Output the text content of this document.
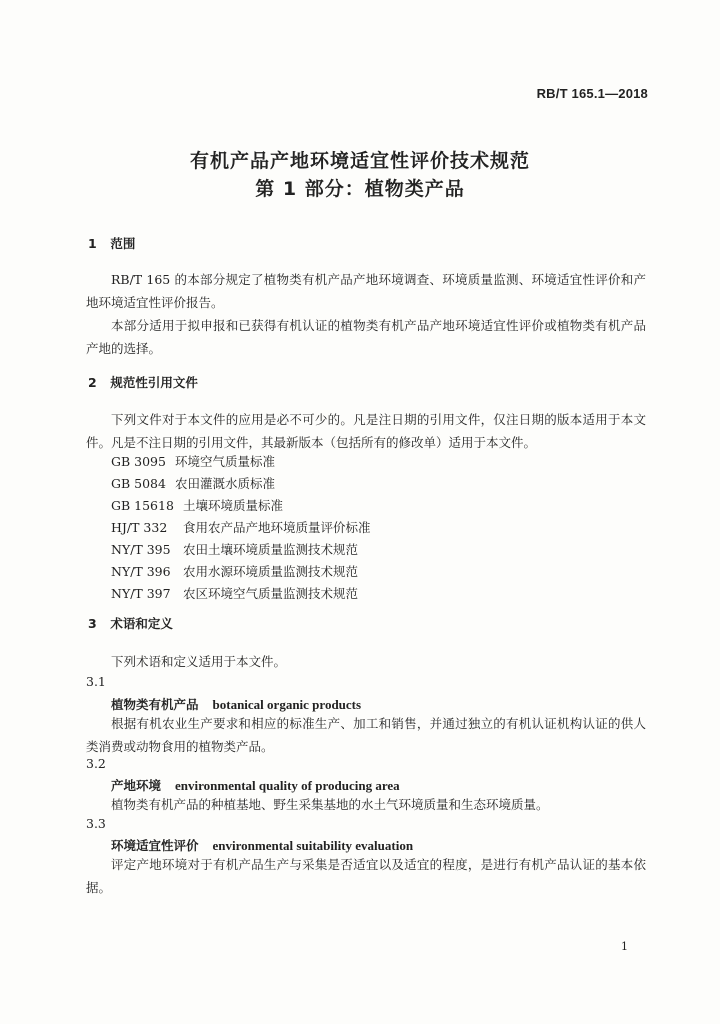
RB/T 165.1—2018
有机产品产地环境适宜性评价技术规范
第 1 部分：植物类产品
1 范围

RB/T 165 的本部分规定了植物类有机产品产地环境调查、环境质量监测、环境适宜性评价和产地环境适宜性评价报告。

本部分适用于拟申报和已获得有机认证的植物类有机产品产地环境适宜性评价或植物类有机产品产地的选择。

2 规范性引用文件

下列文件对于本文件的应用是必不可少的。凡是注日期的引用文件，仅注日期的版本适用于本文件。凡是不注日期的引用文件，其最新版本（包括所有的修改单）适用于本文件。

GB 3095 环境空气质量标准
GB 5084 农田灌溉水质标准
GB 15618 土壤环境质量标准
HJ/T 332 食用农产品产地环境质量评价标准
NY/T 395 农田土壤环境质量监测技术规范
NY/T 396 农用水源环境质量监测技术规范
NY/T 397 农区环境空气质量监测技术规范
3 术语和定义

下列术语和定义适用于本文件。

3.1
植物类有机产品 botanical organic products

根据有机农业生产要求和相应的标准生产、加工和销售，并通过独立的有机认证机构认证的供人类消费或动物食用的植物类产品。

3.2
产地环境 environmental quality of producing area

植物类有机产品的种植基地、野生采集基地的水土气环境质量和生态环境质量。

3.3
环境适宜性评价 environmental suitability evaluation

评定产地环境对于有机产品生产与采集是否适宜以及适宜的程度，是进行有机产品认证的基本依据。

1
